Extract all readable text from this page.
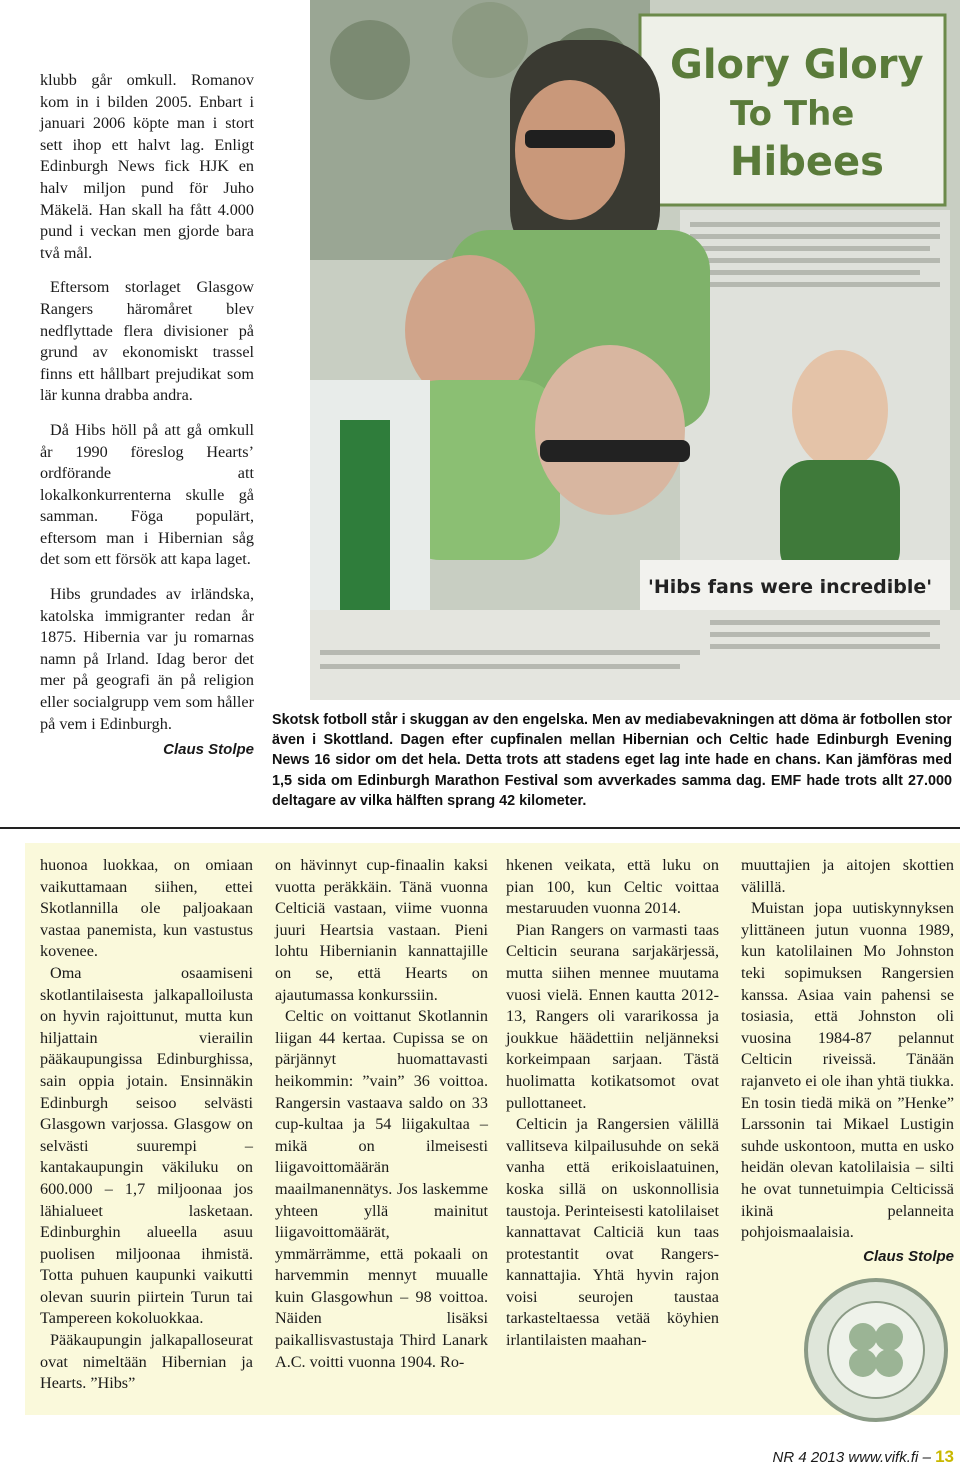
klubb går omkull. Romanov kom in i bilden 2005. Enbart i januari 2006 köpte man i stort sett ihop ett halvt lag. Enligt Edinburgh News fick HJK en halv miljon pund för Juho Mäkelä. Han skall ha fått 4.000 pund i veckan men gjorde bara två mål.

Eftersom storlaget Glasgow Rangers häromåret blev nedflyttade flera divisioner på grund av ekonomiskt trassel finns ett hållbart prejudikat som lär kunna drabba andra.

Då Hibs höll på att gå omkull år 1990 föreslog Hearts’ ordförande att lokalkonkurrenterna skulle gå samman. Föga populärt, eftersom man i Hibernian såg det som ett försök att kapa laget.

Hibs grundades av irländska, katolska immigranter redan år 1875. Hibernia var ju romarnas namn på Irland. Idag beror det mer på geografi än på religion eller socialgrupp vem som håller på vem i Edinburgh.

Claus Stolpe

Glory Glory
To The
Hibees
'Hibs fans were incredible'

Skotsk fotboll står i skuggan av den engelska. Men av mediabevakningen att döma är fotbollen stor även i Skottland. Dagen efter cupfinalen mellan Hibernian och Celtic hade Edinburgh Evening News 16 sidor om det hela. Detta trots att stadens eget lag inte hade en chans. Kan jämföras med 1,5 sida om Edinburgh Marathon Festival som avverkades samma dag. EMF hade trots allt 27.000 deltagare av vilka hälften sprang 42 kilometer.

huonoa luokkaa, on omiaan vaikuttamaan siihen, ettei Skotlannilla ole paljoakaan vastaa panemista, kun vastustus kovenee.

Oma osaamiseni skotlantilaisesta jalkapalloilusta on hyvin rajoittunut, mutta kun hiljattain vierailin pääkaupungissa Edinburghissa, sain oppia jotain. Ensinnäkin Edinburgh seisoo selvästi Glasgown varjossa. Glasgow on selvästi suurempi – kantakaupungin väkiluku on 600.000 – 1,7 miljoonaa jos lähialueet lasketaan. Edinburghin alueella asuu puolisen miljoonaa ihmistä. Totta puhuen kaupunki vaikutti olevan suurin piirtein Turun tai Tampereen kokoluokkaa.

Pääkaupungin jalkapalloseurat ovat nimeltään Hibernian ja Hearts. ”Hibs”

on hävinnyt cup-finaalin kaksi vuotta peräkkäin. Tänä vuonna Celticiä vastaan, viime vuonna juuri Heartsia vastaan. Pieni lohtu Hibernianin kannattajille on se, että Hearts on ajautumassa konkurssiin.

Celtic on voittanut Skotlannin liigan 44 kertaa. Cupissa se on pärjännyt huomattavasti heikommin: ”vain” 36 voittoa. Rangersin vastaava saldo on 33 cup-kultaa ja 54 liigakultaa – mikä on ilmeisesti liigavoittomäärän maailmanennätys. Jos laskemme yhteen yllä mainitut liigavoittomäärät, ymmärrämme, että pokaali on harvemmin mennyt muualle kuin Glasgowhun – 98 voittoa. Näiden lisäksi paikallisvastustaja Third Lanark A.C. voitti vuonna 1904. Ro-

hkenen veikata, että luku on pian 100, kun Celtic voittaa mestaruuden vuonna 2014.

Pian Rangers on varmasti taas Celticin seurana sarjakärjessä, mutta siihen mennee muutama vuosi vielä. Ennen kautta 2012-13, Rangers oli vararikossa ja joukkue häädettiin neljänneksi korkeimpaan sarjaan. Tästä huolimatta kotikatsomot ovat pullottaneet.

Celticin ja Rangersien välillä vallitseva kilpailusuhde on sekä vanha että erikoislaatuinen, koska sillä on uskonnollisia taustoja. Perinteisesti katolilaiset kannattavat Calticiä kun taas protestantit ovat Rangers-kannattajia. Yhtä hyvin rajon voisi seurojen taustaa tarkasteltaessa vetää köyhien irlantilaisten maahan-

muuttajien ja aitojen skottien välillä.

Muistan jopa uutiskynnyksen ylittäneen jutun vuonna 1989, kun katolilainen Mo Johnston teki sopimuksen Rangersien kanssa. Asiaa vain pahensi se tosiasia, että Johnston oli vuosina 1984-87 pelannut Celticin riveissä. Tänään rajanveto ei ole ihan yhtä tiukka. En tosin tiedä mikä on ”Henke” Larssonin tai Mikael Lustigin suhde uskontoon, mutta en usko heidän olevan katolilaisia – silti he ovat tunnetuimpia Celticissä ikinä pelanneita pohjoismaalaisia.

Claus Stolpe

NR 4 2013 www.vifk.fi – 13
